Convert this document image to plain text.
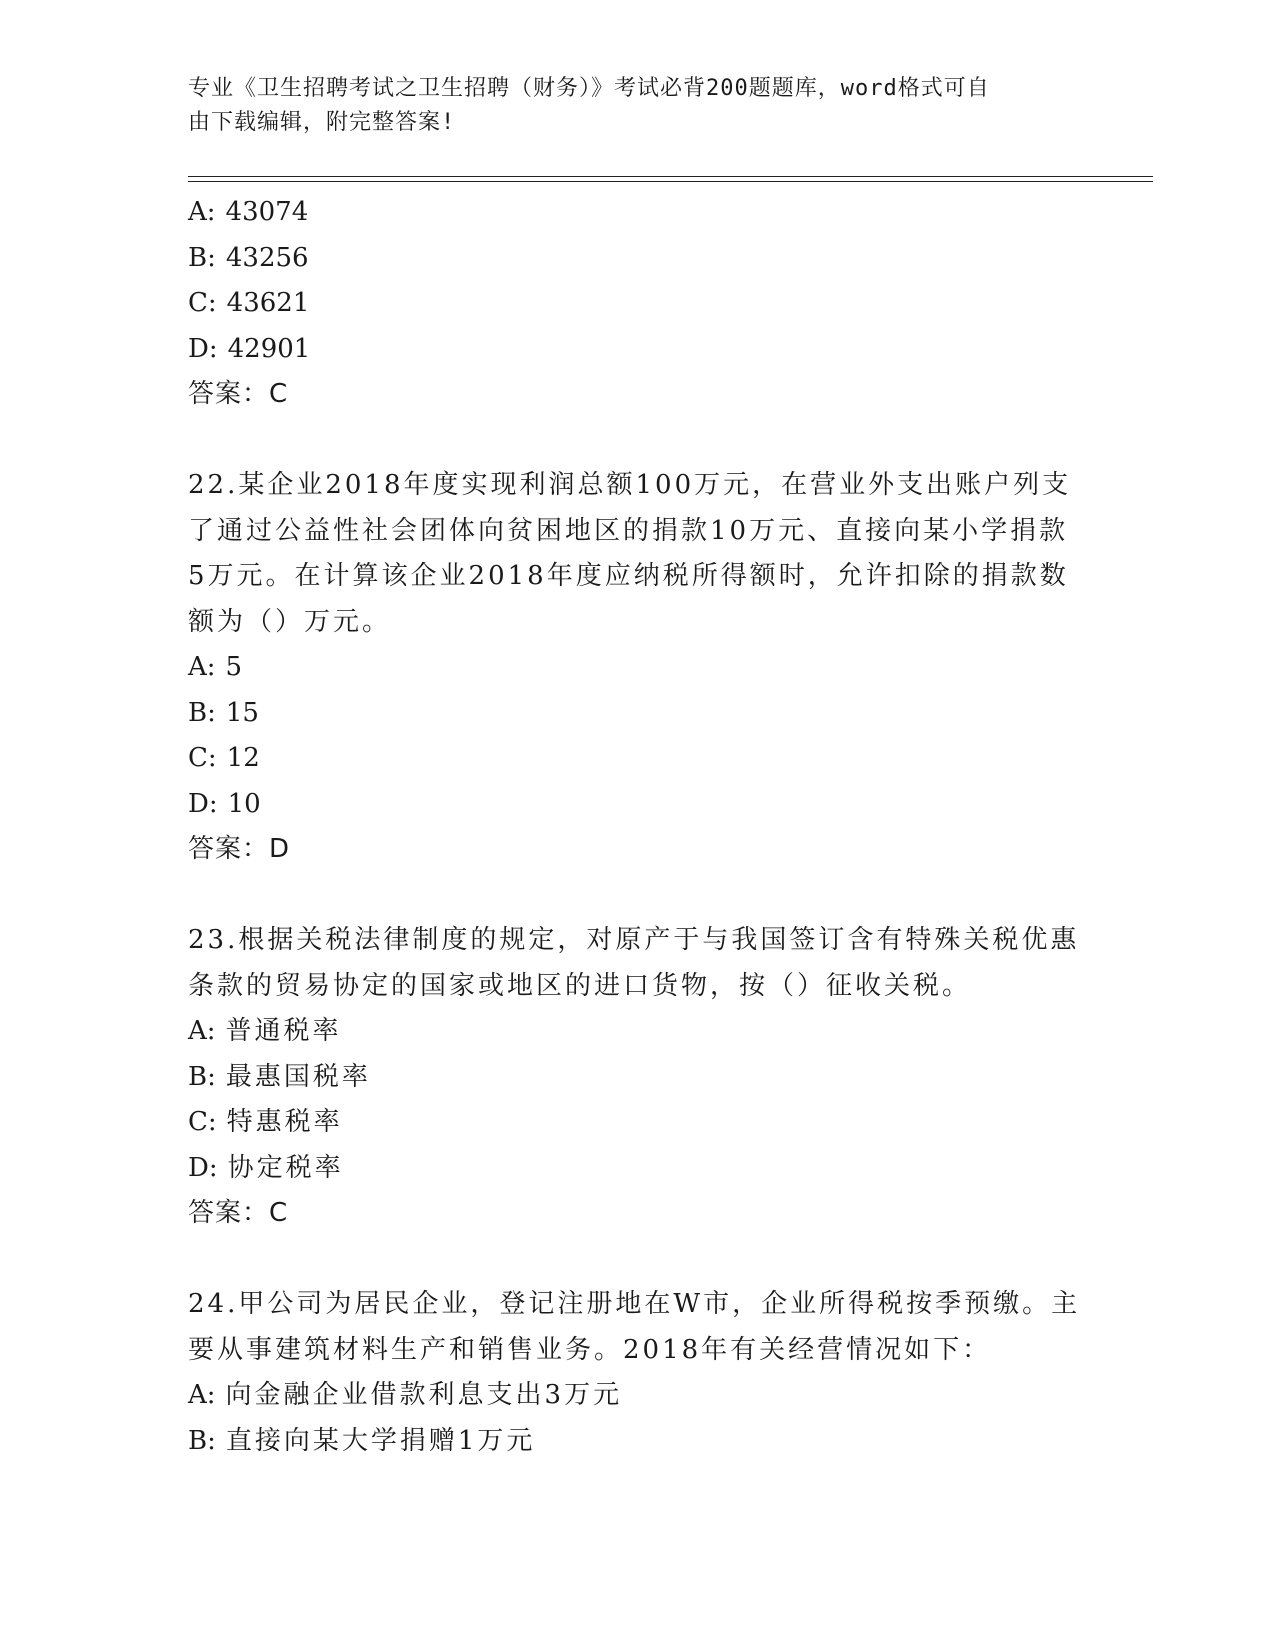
专业《卫生招聘考试之卫生招聘（财务）》考试必背200题题库，word格式可自
由下载编辑，附完整答案!
A: 43074
B: 43256
C: 43621
D: 42901
答案：C
22.某企业2018年度实现利润总额100万元，在营业外支出账户列支
了通过公益性社会团体向贫困地区的捐款10万元、直接向某小学捐款
5万元。在计算该企业2018年度应纳税所得额时，允许扣除的捐款数
额为（）万元。
A: 5
B: 15
C: 12
D: 10
答案：D
23.根据关税法律制度的规定，对原产于与我国签订含有特殊关税优惠
条款的贸易协定的国家或地区的进口货物，按（）征收关税。
A: 普通税率
B: 最惠国税率
C: 特惠税率
D: 协定税率
答案：C
24.甲公司为居民企业，登记注册地在W市，企业所得税按季预缴。主
要从事建筑材料生产和销售业务。2018年有关经营情况如下：
A: 向金融企业借款利息支出3万元
B: 直接向某大学捐赠1万元
